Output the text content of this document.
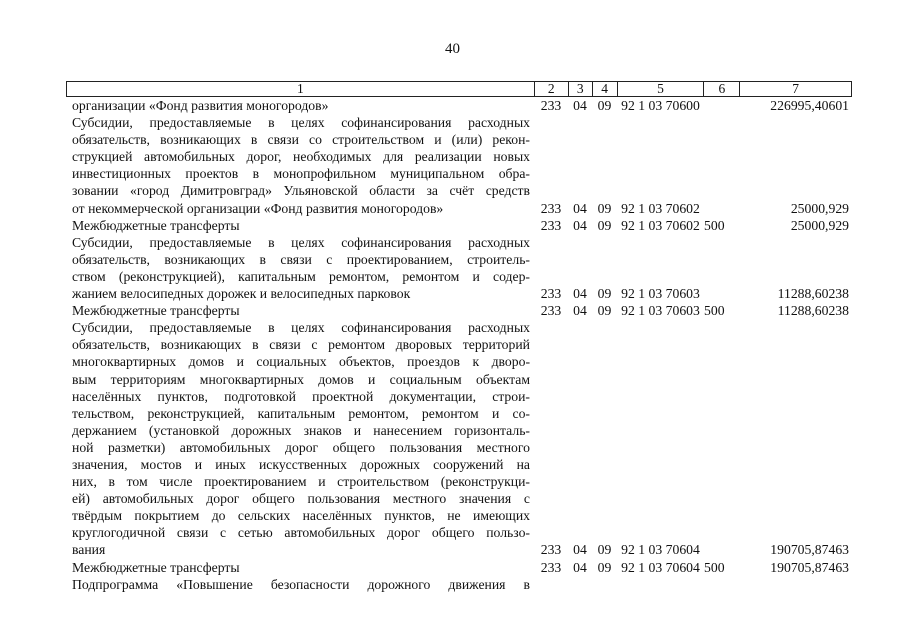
40
1	2	3	4	5	6	7
организации «Фонд развития моногородов»	233 04 09 92 1 03 70600	226995,40601
Субсидии, предоставляемые в целях софинансирования расходных
обязательств, возникающих в связи со строительством и (или) рекон-
струкцией автомобильных дорог, необходимых для реализации новых
инвестиционных проектов в монопрофильном муниципальном обра-
зовании «город Димитровград» Ульяновской области за счёт средств
от некоммерческой организации «Фонд развития моногородов»	233 04 09 92 1 03 70602	25000,929
Межбюджетные трансферты	233 04 09 92 1 03 70602 500	25000,929
Субсидии, предоставляемые в целях софинансирования расходных
обязательств, возникающих в связи с проектированием, строитель-
ством (реконструкцией), капитальным ремонтом, ремонтом и содер-
жанием велосипедных дорожек и велосипедных парковок	233 04 09 92 1 03 70603	11288,60238
Межбюджетные трансферты	233 04 09 92 1 03 70603 500	11288,60238
Субсидии, предоставляемые в целях софинансирования расходных
обязательств, возникающих в связи с ремонтом дворовых территорий
многоквартирных домов и социальных объектов, проездов к дворо-
вым территориям многоквартирных домов и социальным объектам
населённых пунктов, подготовкой проектной документации, строи-
тельством, реконструкцией, капитальным ремонтом, ремонтом и со-
держанием (установкой дорожных знаков и нанесением горизонталь-
ной разметки) автомобильных дорог общего пользования местного
значения, мостов и иных искусственных дорожных сооружений на
них, в том числе проектированием и строительством (реконструкци-
ей) автомобильных дорог общего пользования местного значения с
твёрдым покрытием до сельских населённых пунктов, не имеющих
круглогодичной связи с сетью автомобильных дорог общего пользо-
вания	233 04 09 92 1 03 70604	190705,87463
Межбюджетные трансферты	233 04 09 92 1 03 70604 500	190705,87463
Подпрограмма «Повышение безопасности дорожного движения в
